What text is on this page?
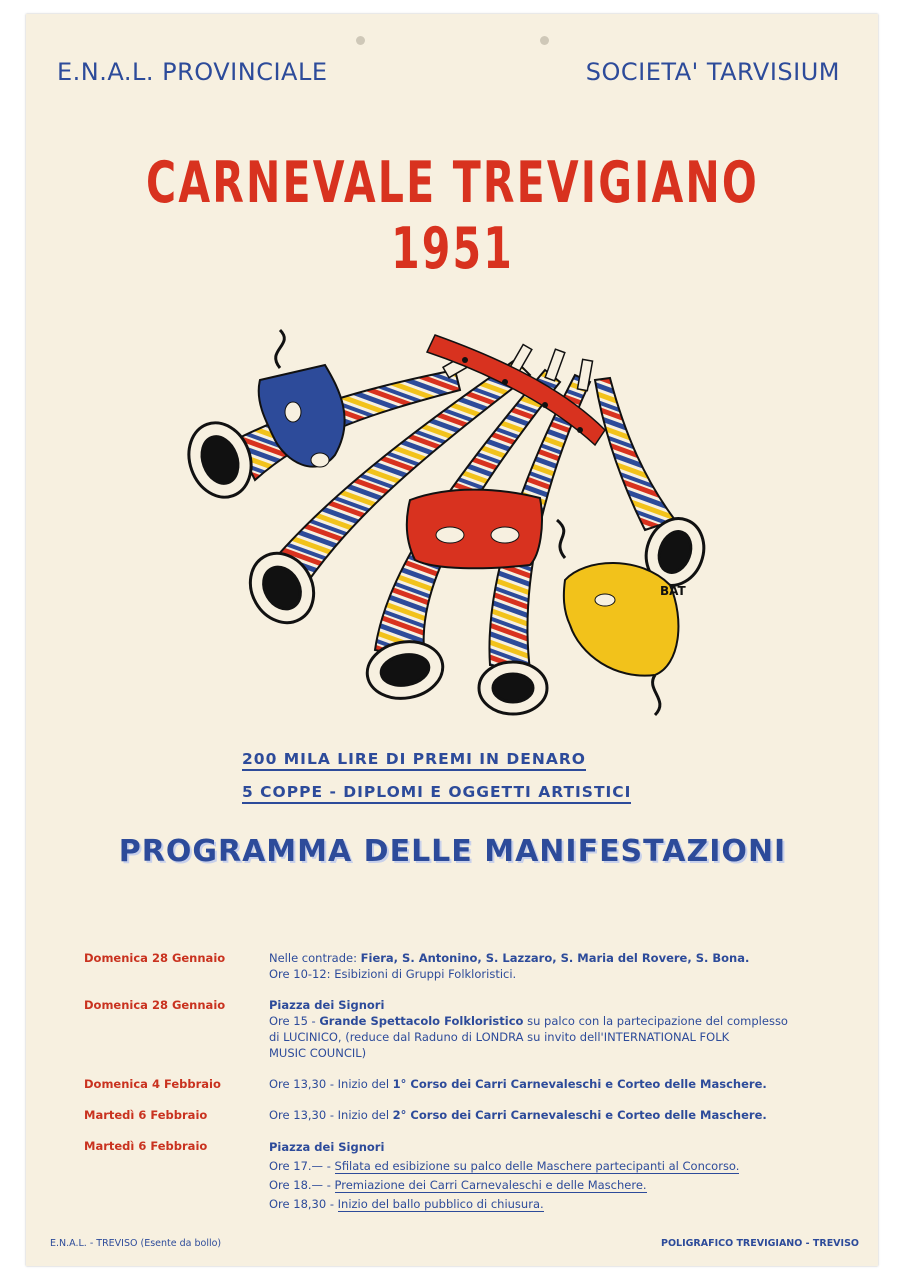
E.N.A.L. PROVINCIALE	SOCIETA' TARVISIUM
CARNEVALE TREVIGIANO 1951
BAT
200 MILA LIRE DI PREMI IN DENARO
5 COPPE - DIPLOMI E OGGETTI ARTISTICI
PROGRAMMA DELLE MANIFESTAZIONI
Domenica 28 Gennaio	Nelle contrade: Fiera, S. Antonino, S. Lazzaro, S. Maria del Rovere, S. Bona.
Ore 10-12: Esibizioni di Gruppi Folkloristici.
Domenica 28 Gennaio	Piazza dei Signori
Ore 15 - Grande Spettacolo Folkloristico su palco con la partecipazione del complesso
di LUCINICO, (reduce dal Raduno di LONDRA su invito dell'INTERNATIONAL FOLK
MUSIC COUNCIL)
Domenica 4 Febbraio	Ore 13,30 - Inizio del 1° Corso dei Carri Carnevaleschi e Corteo delle Maschere.
Martedì 6 Febbraio	Ore 13,30 - Inizio del 2° Corso dei Carri Carnevaleschi e Corteo delle Maschere.
Martedì 6 Febbraio	Piazza dei Signori
Ore 17.— - Sfilata ed esibizione su palco delle Maschere partecipanti al Concorso.
Ore 18.— - Premiazione dei Carri Carnevaleschi e delle Maschere.
Ore 18,30 - Inizio del ballo pubblico di chiusura.
E.N.A.L. - TREVISO (Esente da bollo)	POLIGRAFICO TREVIGIANO - TREVISO
